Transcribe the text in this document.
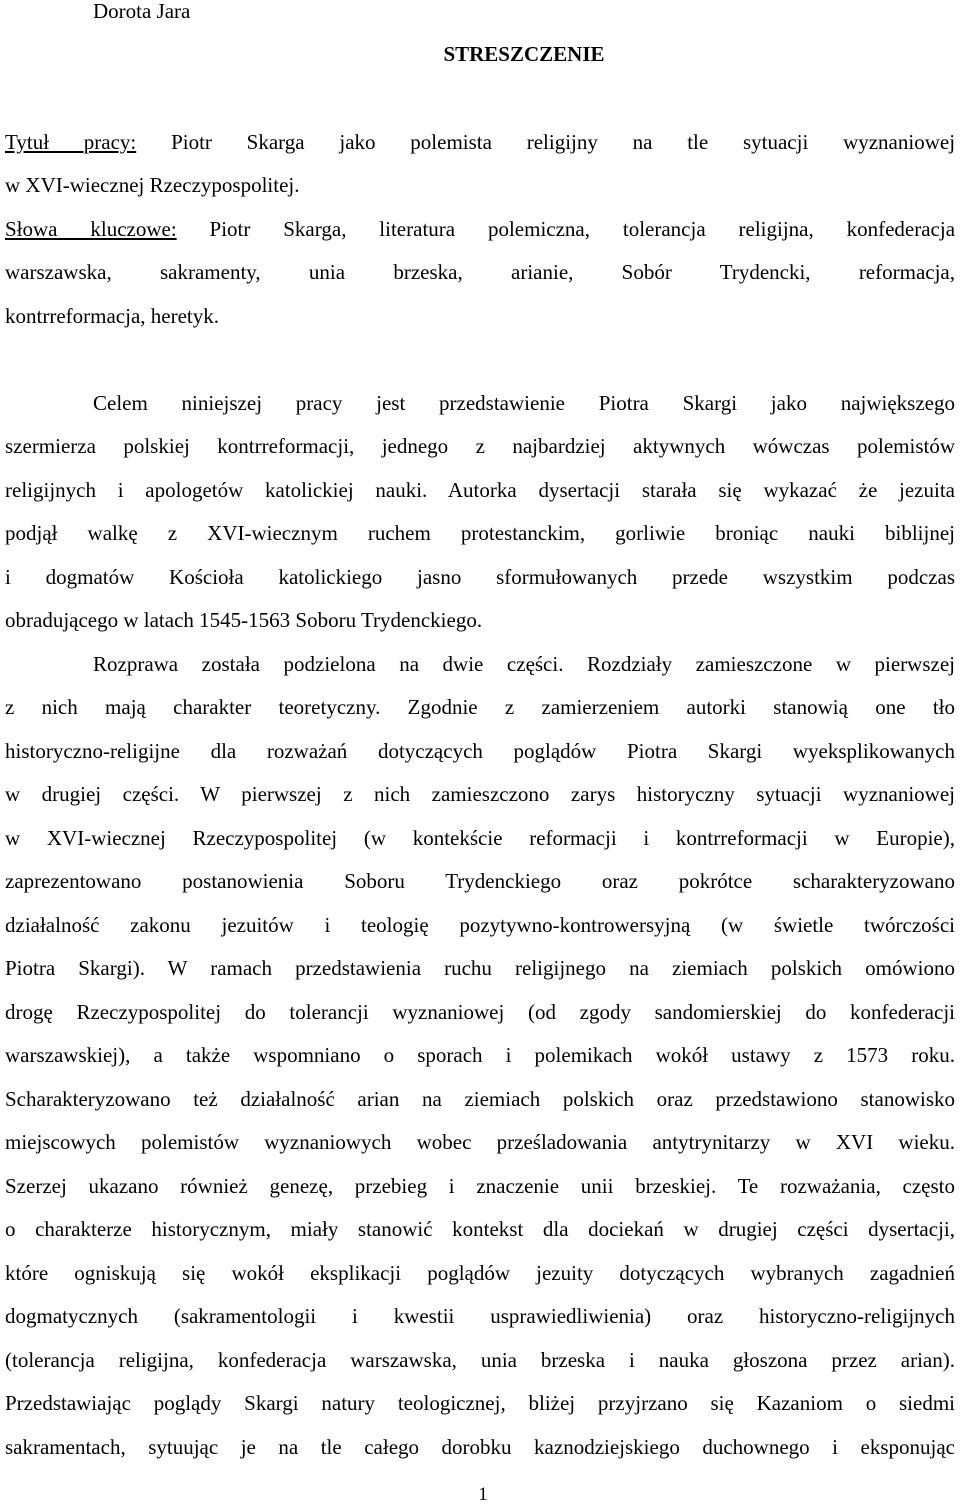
Dorota Jara
STRESZCZENIE
Tytuł pracy: Piotr Skarga jako polemista religijny na tle sytuacji wyznaniowej
w XVI-wiecznej Rzeczypospolitej.
Słowa kluczowe: Piotr Skarga, literatura polemiczna, tolerancja religijna, konfederacja
warszawska, sakramenty, unia brzeska, arianie, Sobór Trydencki, reformacja,
kontrreformacja, heretyk.
Celem niniejszej pracy jest przedstawienie Piotra Skargi jako największego
szermierza polskiej kontrreformacji, jednego z najbardziej aktywnych wówczas polemistów
religijnych i apologetów katolickiej nauki. Autorka dysertacji starała się wykazać że jezuita
podjął walkę z XVI-wiecznym ruchem protestanckim, gorliwie broniąc nauki biblijnej
i dogmatów Kościoła katolickiego jasno sformułowanych przede wszystkim podczas
obradującego w latach 1545-1563 Soboru Trydenckiego.
Rozprawa została podzielona na dwie części. Rozdziały zamieszczone w pierwszej
z nich mają charakter teoretyczny. Zgodnie z zamierzeniem autorki stanowią one tło
historyczno-religijne dla rozważań dotyczących poglądów Piotra Skargi wyeksplikowanych
w drugiej części. W pierwszej z nich zamieszczono zarys historyczny sytuacji wyznaniowej
w XVI-wiecznej Rzeczypospolitej (w kontekście reformacji i kontrreformacji w Europie),
zaprezentowano postanowienia Soboru Trydenckiego oraz pokrótce scharakteryzowano
działalność zakonu jezuitów i teologię pozytywno-kontrowersyjną (w świetle twórczości
Piotra Skargi). W ramach przedstawienia ruchu religijnego na ziemiach polskich omówiono
drogę Rzeczypospolitej do tolerancji wyznaniowej (od zgody sandomierskiej do konfederacji
warszawskiej), a także wspomniano o sporach i polemikach wokół ustawy z 1573 roku.
Scharakteryzowano też działalność arian na ziemiach polskich oraz przedstawiono stanowisko
miejscowych polemistów wyznaniowych wobec prześladowania antytrynitarzy w XVI wieku.
Szerzej ukazano również genezę, przebieg i znaczenie unii brzeskiej. Te rozważania, często
o charakterze historycznym, miały stanowić kontekst dla dociekań w drugiej części dysertacji,
które ogniskują się wokół eksplikacji poglądów jezuity dotyczących wybranych zagadnień
dogmatycznych (sakramentologii i kwestii usprawiedliwienia) oraz historyczno-religijnych
(tolerancja religijna, konfederacja warszawska, unia brzeska i nauka głoszona przez arian).
Przedstawiając poglądy Skargi natury teologicznej, bliżej przyjrzano się Kazaniom o siedmi
sakramentach, sytuując je na tle całego dorobku kaznodziejskiego duchownego i eksponując
1
